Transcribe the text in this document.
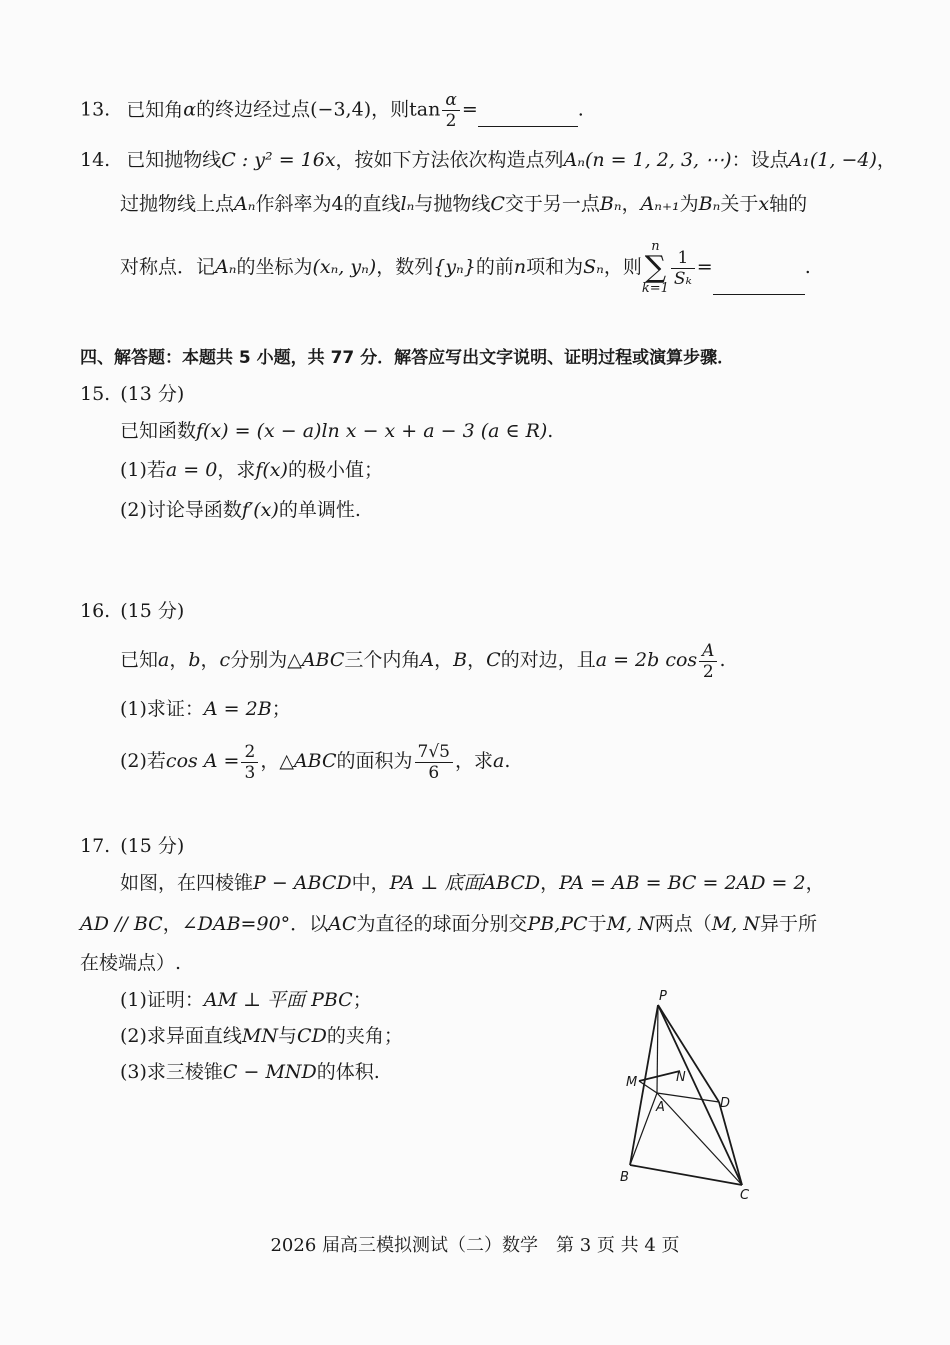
13. 已知角α的终边经过点(−3,4)，则$\tan \frac{\alpha}{2}$ =	.
14. 已知抛物线C : y² = 16x，按如下方法依次构造点列Aₙ(n = 1, 2, 3, ⋯)：设点A₁(1, −4)，
过抛物线上点Aₙ作斜率为4的直线lₙ与抛物线C交于另一点Bₙ，Aₙ₊₁为Bₙ关于x轴的
对称点．记Aₙ的坐标为(xₙ, yₙ)，数列{yₙ}的前n项和为Sₙ，则n
∑
$k=1 \frac{1}{\text{Sₖ}}$ =	.
四、解答题：本题共 5 小题，共 77 分．解答应写出文字说明、证明过程或演算步骤．
15. (13 分)
已知函数f(x) = (x − a)ln x − x + a − 3 (a ∈ R).
(1)若a = 0，求f(x)的极小值；
(2)讨论导函数f′(x)的单调性.
16. (15 分)
已知a，b，c分别为△ABC三个内角A，B，C的对边，且a = 2b $\cos \frac{A}{2}$ .
(1)求证：A = 2B；
(2)若$\cos A = \frac{2}{3}$ ，△ABC的面积为 $\frac{7√5}{6}$ ，求a.
17. (15 分)
如图，在四棱锥P − ABCD中，PA ⊥ 底面ABCD，PA = AB = BC = 2AD = 2，
AD // BC，∠DAB=90°．以AC为直径的球面分别交PB,PC于M, N两点（M, N异于所
在棱端点）.
(1)证明：AM ⊥ 平面 PBC；
(2)求异面直线MN与CD的夹角；
(3)求三棱锥C − MND的体积.
P
M	N
A	D
B
C
2026 届高三模拟测试（二）数学　第 3 页 共 4 页
